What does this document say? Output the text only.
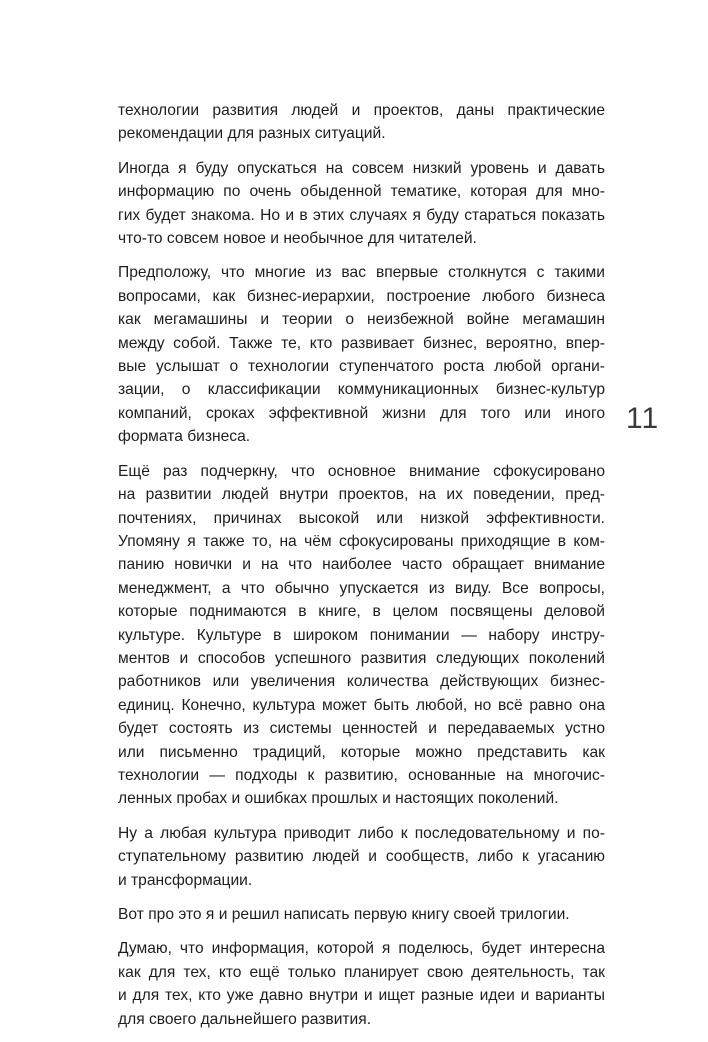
11

технологии развития людей и проектов, даны практические
рекомендации для разных ситуаций.

Иногда я буду опускаться на совсем низкий уровень и давать
информацию по очень обыденной тематике, которая для мно-
гих будет знакома. Но и в этих случаях я буду стараться показать
что-то совсем новое и необычное для читателей.

Предположу, что многие из вас впервые столкнутся с такими
вопросами, как бизнес-иерархии, построение любого бизнеса
как мегамашины и теории о неизбежной войне мегамашин
между собой. Также те, кто развивает бизнес, вероятно, впер-
вые услышат о технологии ступенчатого роста любой органи-
зации, о классификации коммуникационных бизнес-культур
компаний, сроках эффективной жизни для того или иного
формата бизнеса.

Ещё раз подчеркну, что основное внимание сфокусировано
на развитии людей внутри проектов, на их поведении, пред-
почтениях, причинах высокой или низкой эффективности.
Упомяну я также то, на чём сфокусированы приходящие в ком-
панию новички и на что наиболее часто обращает внимание
менеджмент, а что обычно упускается из виду. Все вопросы,
которые поднимаются в книге, в целом посвящены деловой
культуре. Культуре в широком понимании — набору инстру-
ментов и способов успешного развития следующих поколений
работников или увеличения количества действующих бизнес-
единиц. Конечно, культура может быть любой, но всё равно она
будет состоять из системы ценностей и передаваемых устно
или письменно традиций, которые можно представить как
технологии — подходы к развитию, основанные на многочис-
ленных пробах и ошибках прошлых и настоящих поколений.

Ну а любая культура приводит либо к последовательному и по-
ступательному развитию людей и сообществ, либо к угасанию
и трансформации.

Вот про это я и решил написать первую книгу своей трилогии.

Думаю, что информация, которой я поделюсь, будет интересна
как для тех, кто ещё только планирует свою деятельность, так
и для тех, кто уже давно внутри и ищет разные идеи и варианты
для своего дальнейшего развития.
